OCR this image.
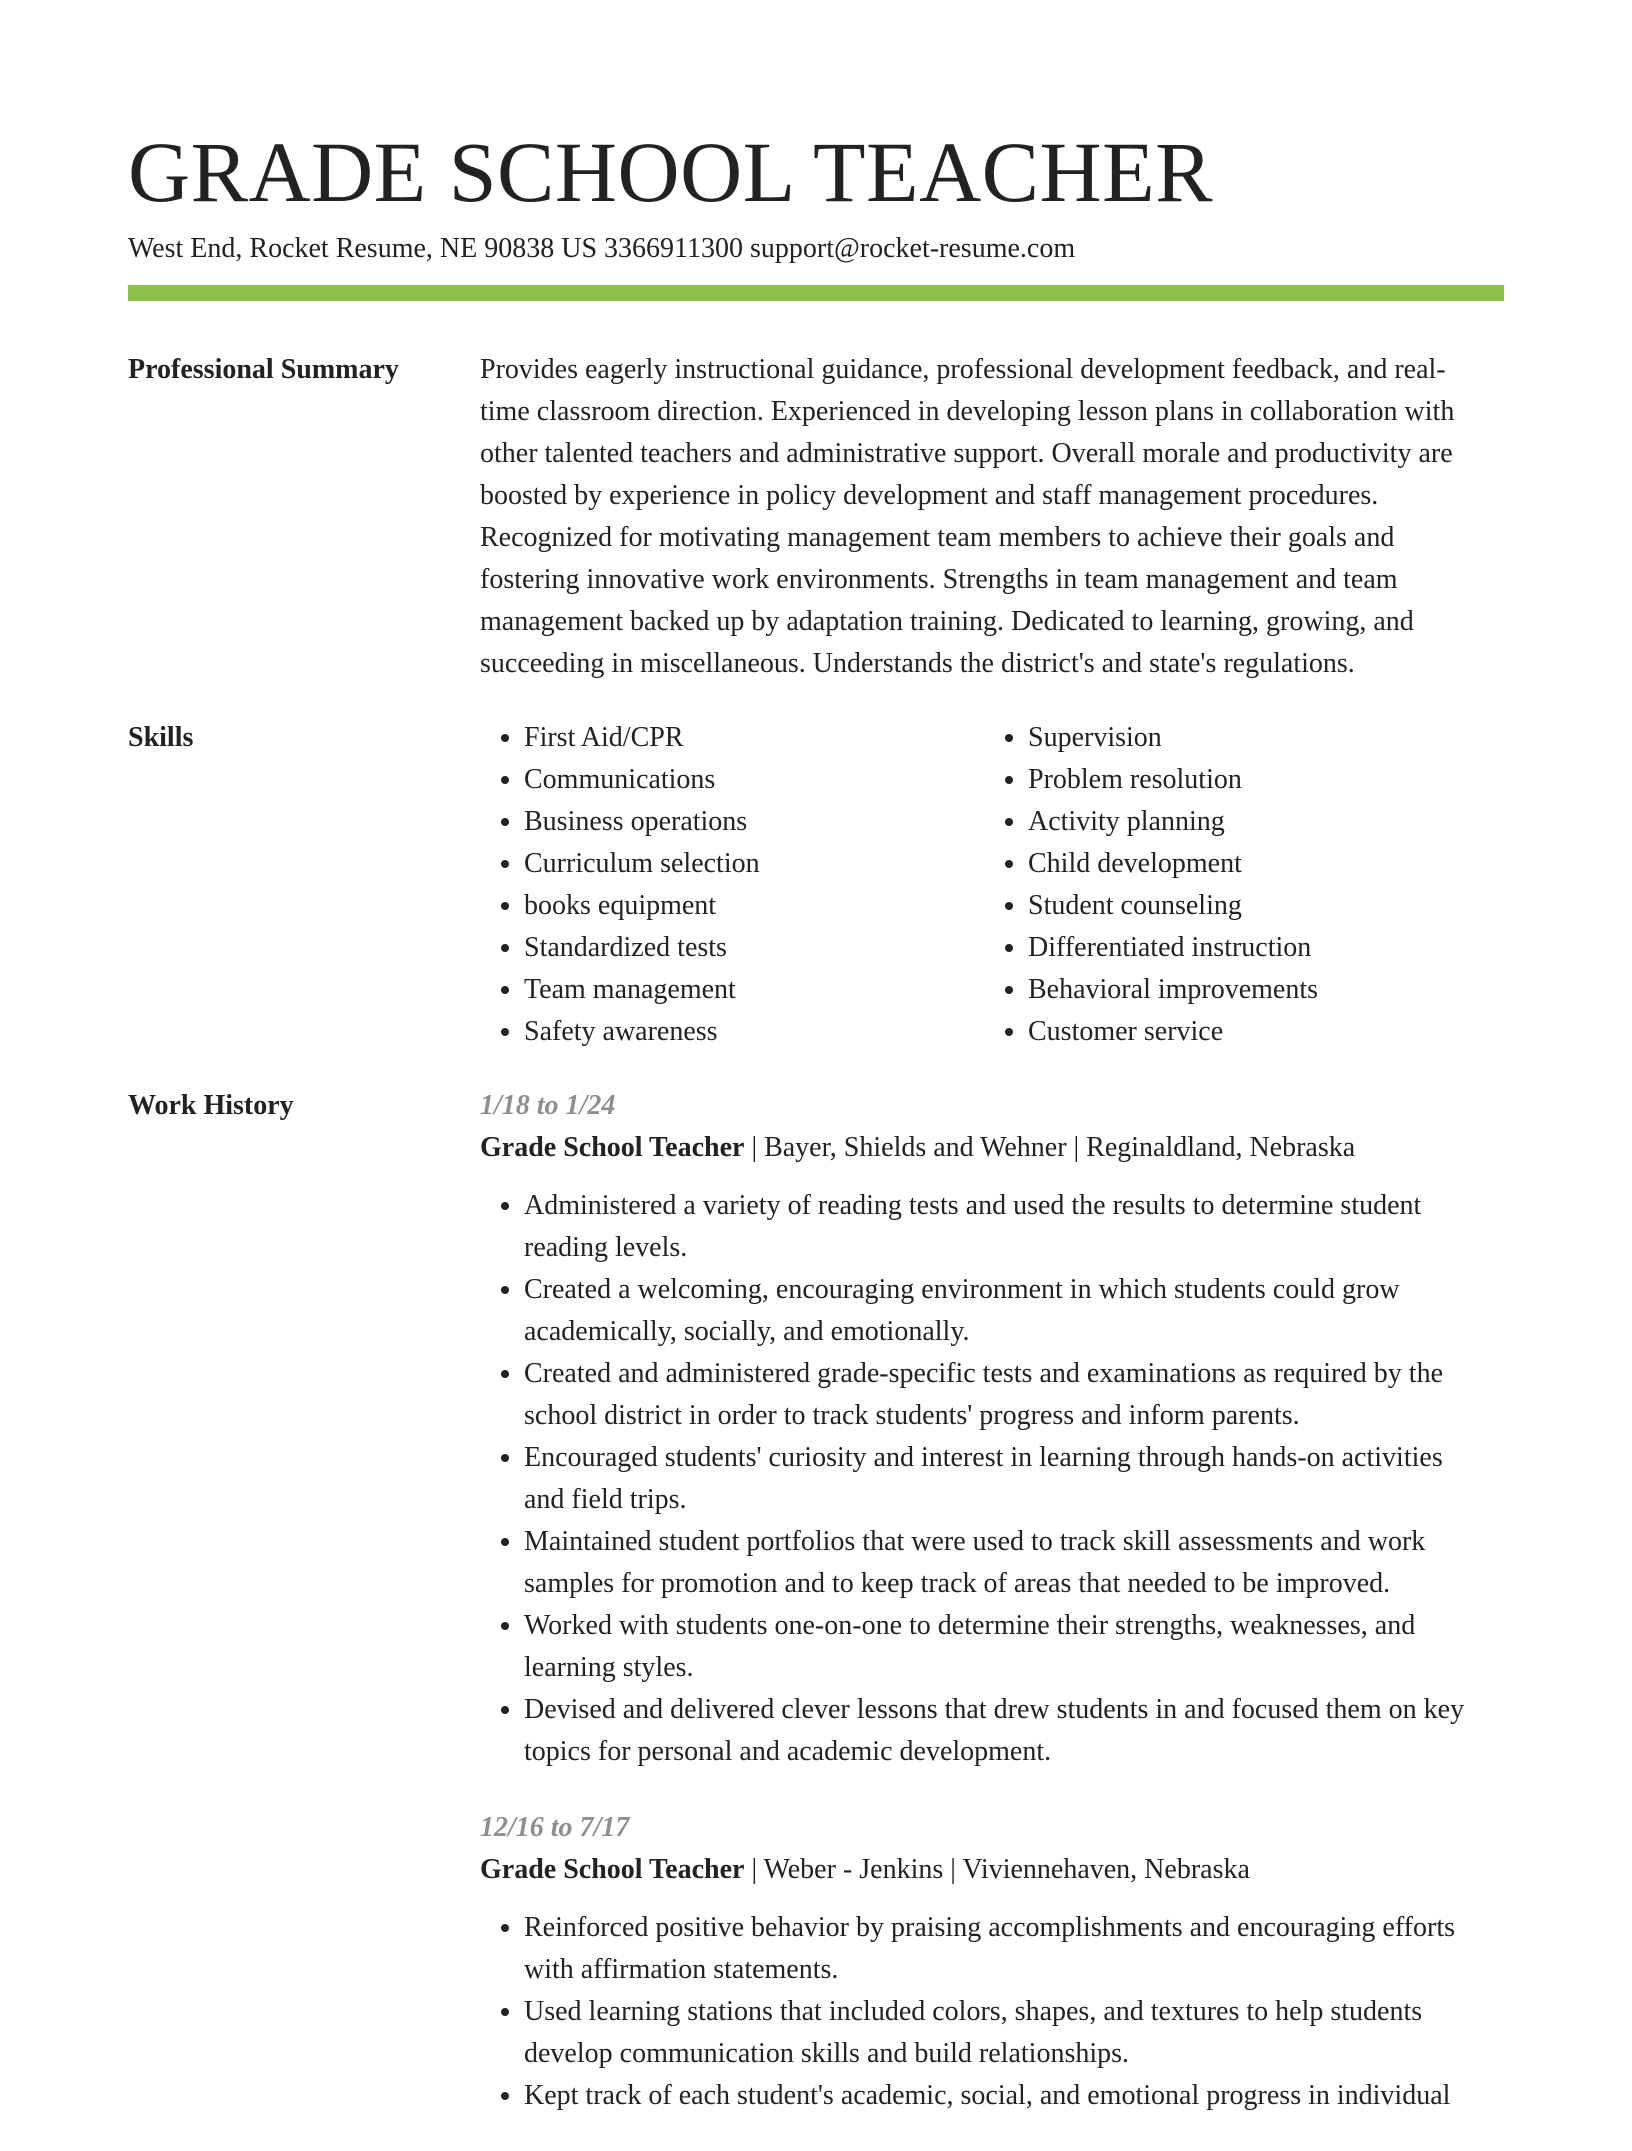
GRADE SCHOOL TEACHER

West End, Rocket Resume, NE 90838 US 3366911300 support@rocket-resume.com

Professional Summary	Provides eagerly instructional guidance, professional development feedback, and real-time classroom direction. Experienced in developing lesson plans in collaboration with other talented teachers and administrative support. Overall morale and productivity are boosted by experience in policy development and staff management procedures. Recognized for motivating management team members to achieve their goals and fostering innovative work environments. Strengths in team management and team management backed up by adaptation training. Dedicated to learning, growing, and succeeding in miscellaneous. Understands the district's and state's regulations.

Skills
•	First Aid/CPR
• Communications
• Business operations
• Curriculum selection
• books equipment
• Standardized tests
• Team management
• Safety awareness
• Supervision
• Problem resolution
• Activity planning
• Child development
• Student counseling
• Differentiated instruction
• Behavioral improvements
• Customer service
Work History	1/18 to 1/24
Grade School Teacher | Bayer, Shields and Wehner | Reginaldland, Nebraska
• Administered a variety of reading tests and used the results to determine student reading levels.
• Created a welcoming, encouraging environment in which students could grow academically, socially, and emotionally.
• Created and administered grade-specific tests and examinations as required by the school district in order to track students' progress and inform parents.
• Encouraged students' curiosity and interest in learning through hands-on activities and field trips.
• Maintained student portfolios that were used to track skill assessments and work samples for promotion and to keep track of areas that needed to be improved.
• Worked with students one-on-one to determine their strengths, weaknesses, and learning styles.
• Devised and delivered clever lessons that drew students in and focused them on key topics for personal and academic development.
12/16 to 7/17
Grade School Teacher | Weber - Jenkins | Viviennehaven, Nebraska
• Reinforced positive behavior by praising accomplishments and encouraging efforts with affirmation statements.
• Used learning stations that included colors, shapes, and textures to help students develop communication skills and build relationships.
• Kept track of each student's academic, social, and emotional progress in individual
